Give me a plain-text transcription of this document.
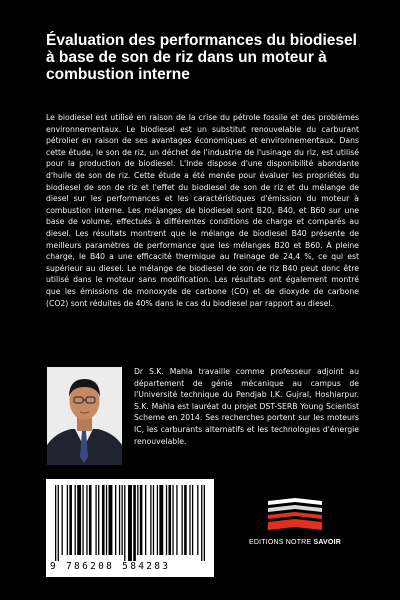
Évaluation des performances du biodiesel à base de son de riz dans un moteur à combustion interne

Le biodiesel est utilisé en raison de la crise du pétrole fossile et des problèmes environnementaux. Le biodiesel est un substitut renouvelable du carburant pétrolier en raison de ses avantages économiques et environnementaux. Dans cette étude, le son de riz, un déchet de l'industrie de l'usinage du riz, est utilisé pour la production de biodiesel. L'Inde dispose d'une disponibilité abondante d'huile de son de riz. Cette étude a été menée pour évaluer les propriétés du biodiesel de son de riz et l'effet du biodiesel de son de riz et du mélange de diesel sur les performances et les caractéristiques d'émission du moteur à combustion interne. Les mélanges de biodiesel sont B20, B40, et B60 sur une base de volume, effectués à différentes conditions de charge et comparés au diesel. Les résultats montrent que le mélange de biodiesel B40 présente de meilleurs paramètres de performance que les mélanges B20 et B60. À pleine charge, le B40 a une efficacité thermique au freinage de 24,4 %, ce qui est supérieur au diesel. Le mélange de biodiesel de son de riz B40 peut donc être utilisé dans le moteur sans modification. Les résultats ont également montré que les émissions de monoxyde de carbone (CO) et de dioxyde de carbone (CO2) sont réduites de 40% dans le cas du biodiesel par rapport au diesel.

Dr S.K. Mahla travaille comme professeur adjoint au département de génie mécanique au campus de l'Université technique du Pendjab I.K. Gujral, Hoshiarpur. S.K. Mahla est lauréat du projet DST-SERB Young Scientist Scheme en 2014. Ses recherches portent sur les moteurs IC, les carburants alternatifs et les technologies d'énergie renouvelable.

9 786208 584283
EDITIONS NOTRE SAVOIR
